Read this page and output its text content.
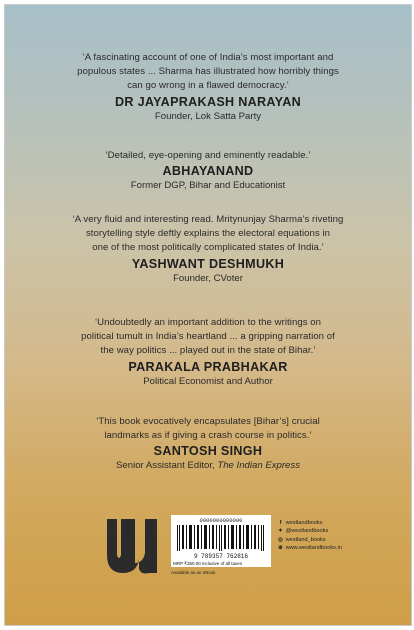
‘A fascinating account of one of India’s most important and
populous states ... Sharma has illustrated how horribly things
can go wrong in a flawed democracy.’
DR JAYAPRAKASH NARAYAN
Founder, Lok Satta Party
‘Detailed, eye-opening and eminently readable.’
ABHAYANAND
Former DGP, Bihar and Educationist
‘A very fluid and interesting read. Mritynunjay Sharma’s riveting
storytelling style deftly explains the electoral equations in
one of the most politically complicated states of India.’
YASHWANT DESHMUKH
Founder, CVoter
‘Undoubtedly an important addition to the writings on
political tumult in India’s heartland ... a gripping narration of
the way politics ... played out in the state of Bihar.’
PARAKALA PRABHAKAR
Political Economist and Author
‘This book evocatively encapsulates [Bihar’s] crucial
landmarks as if giving a crash course in politics.’
SANTOSH SINGH
Senior Assistant Editor, The Indian Express
0000000000000
9 789357 762816
MRP ₹350.00 inclusive of all taxes
Available as an eBook
f westlandbooks
✦ @westlandbooks
◎ westland_books
⊕ www.westlandbooks.in
